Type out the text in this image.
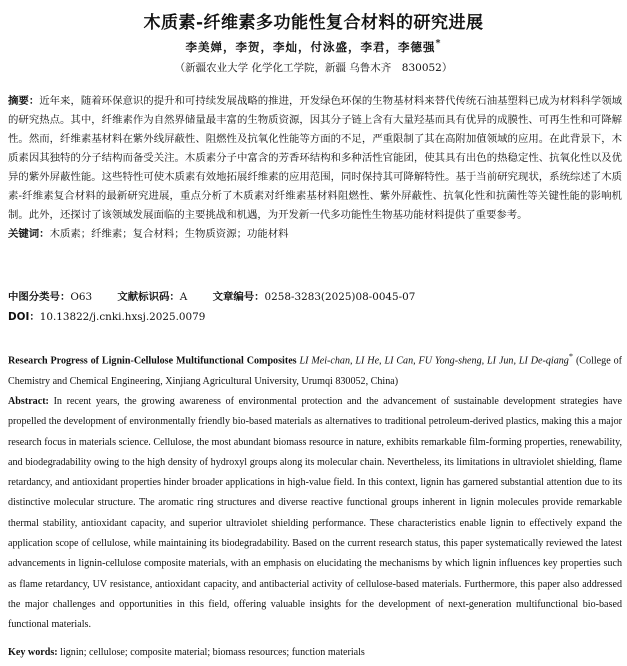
木质素-纤维素多功能性复合材料的研究进展
李美婵，李贺，李灿，付泳盛，李君，李德强*
（新疆农业大学 化学化工学院，新疆 乌鲁木齐　830052）
摘要：近年来，随着环保意识的提升和可持续发展战略的推进，开发绿色环保的生物基材料来替代传统石油基塑料已成为材料科学领域的研究热点。其中，纤维素作为自然界储量最丰富的生物质资源，因其分子链上含有大量羟基而具有优异的成膜性、可再生性和可降解性。然而，纤维素基材料在紫外线屏蔽性、阻燃性及抗氧化性能等方面的不足，严重限制了其在高附加值领域的应用。在此背景下，木质素因其独特的分子结构而备受关注。木质素分子中富含的芳香环结构和多种活性官能团，使其具有出色的热稳定性、抗氧化性以及优异的紫外屏蔽性能。这些特性可使木质素有效地拓展纤维素的应用范围，同时保持其可降解特性。基于当前研究现状，系统综述了木质素-纤维素复合材料的最新研究进展，重点分析了木质素对纤维素基材料阻燃性、紫外屏蔽性、抗氧化性和抗菌性等关键性能的影响机制。此外，还探讨了该领域发展面临的主要挑战和机遇，为开发新一代多功能性生物基功能材料提供了重要参考。
关键词：木质素；纤维素；复合材料；生物质资源；功能材料
中图分类号：O63 文献标识码：A 文章编号：0258-3283(2025)08-0045-07
DOI：10.13822/j.cnki.hxsj.2025.0079
Research Progress of Lignin-Cellulose Multifunctional Composites LI Mei-chan, LI He, LI Can, FU Yong-sheng, LI Jun, LI De-qiang* (College of Chemistry and Chemical Engineering, Xinjiang Agricultural University, Urumqi 830052, China)
Abstract: In recent years, the growing awareness of environmental protection and the advancement of sustainable development strategies have propelled the development of environmentally friendly bio-based materials as alternatives to traditional petroleum-derived plastics, making this a major research focus in materials science. Cellulose, the most abundant biomass resource in nature, exhibits remarkable film-forming properties, renewability, and biodegradability owing to the high density of hydroxyl groups along its molecular chain. Nevertheless, its limitations in ultraviolet shielding, flame retardancy, and antioxidant properties hinder broader applications in high-value field. In this context, lignin has garnered substantial attention due to its distinctive molecular structure. The aromatic ring structures and diverse reactive functional groups inherent in lignin molecules provide remarkable thermal stability, antioxidant capacity, and superior ultraviolet shielding performance. These characteristics enable lignin to effectively expand the application scope of cellulose, while maintaining its biodegradability. Based on the current research status, this paper systematically reviewed the latest advancements in lignin-cellulose composite materials, with an emphasis on elucidating the mechanisms by which lignin influences key properties such as flame retardancy, UV resistance, antioxidant capacity, and antibacterial activity of cellulose-based materials. Furthermore, this paper also addressed the major challenges and opportunities in this field, offering valuable insights for the development of next-generation multifunctional bio-based functional materials.
Key words: lignin; cellulose; composite material; biomass resources; function materials
